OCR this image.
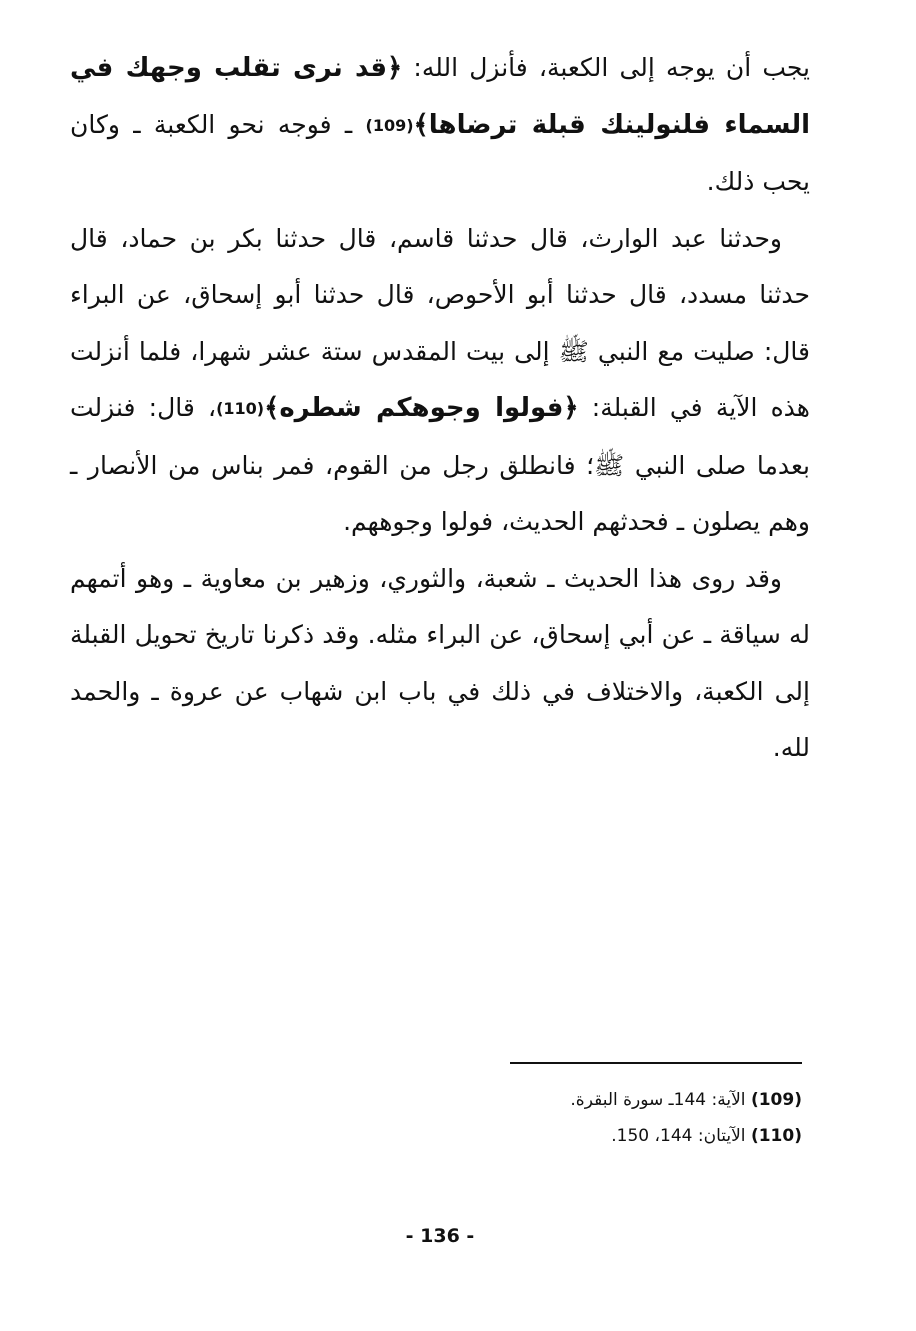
يجب أن يوجه إلى الكعبة، فأنزل الله: ﴿قد نرى تقلب وجهك في السماء فلنولينك قبلة ترضاها﴾(109) ـ فوجه نحو الكعبة ـ وكان يحب ذلك.

وحدثنا عبد الوارث، قال حدثنا قاسم، قال حدثنا بكر بن حماد، قال حدثنا مسدد، قال حدثنا أبو الأحوص، قال حدثنا أبو إسحاق، عن البراء قال: صليت مع النبي ﷺ إلى بيت المقدس ستة عشر شهرا، فلما أنزلت هذه الآية في القبلة: ﴿فولوا وجوهكم شطره﴾(110)، قال: فنزلت بعدما صلى النبي ﷺ؛ فانطلق رجل من القوم، فمر بناس من الأنصار ـ وهم يصلون ـ فحدثهم الحديث، فولوا وجوههم.

وقد روى هذا الحديث ـ شعبة، والثوري، وزهير بن معاوية ـ وهو أتمهم له سياقة ـ عن أبي إسحاق، عن البراء مثله. وقد ذكرنا تاريخ تحويل القبلة إلى الكعبة، والاختلاف في ذلك في باب ابن شهاب عن عروة ـ والحمد لله.

(109) الآية: 144ـ سورة البقرة.
(110) الآيتان: 144، 150.
- 136 -
